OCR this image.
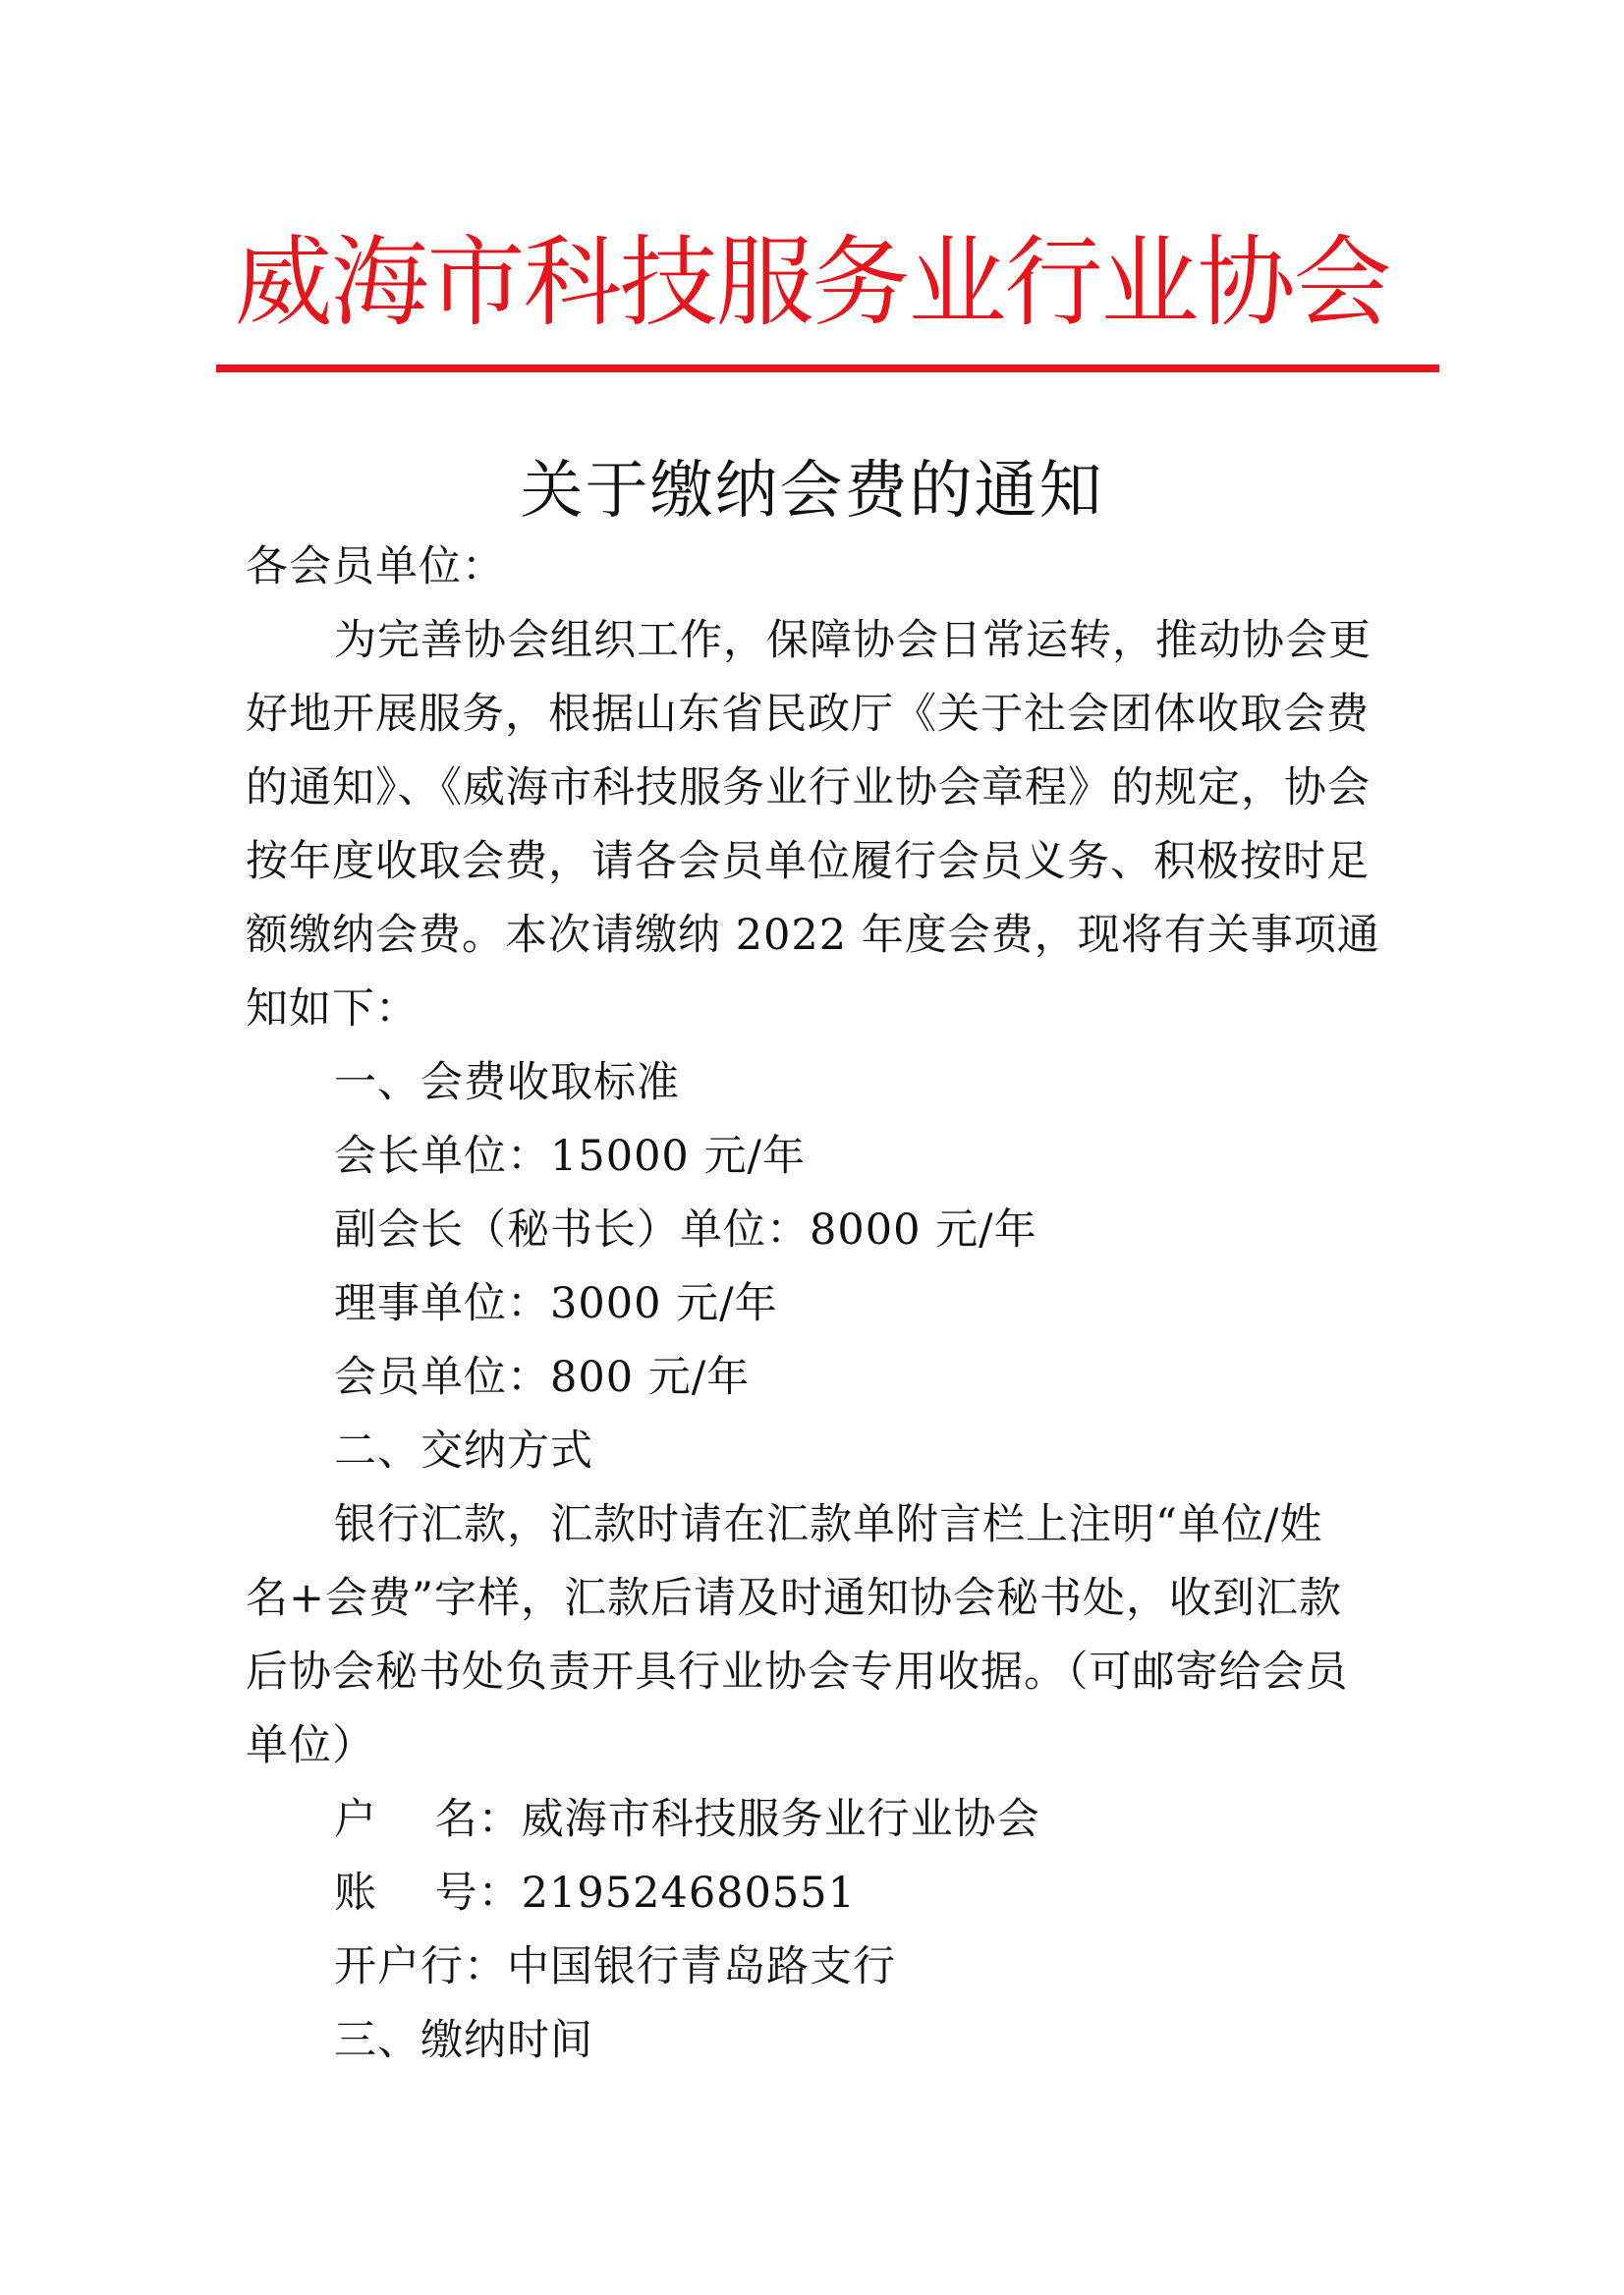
威海市科技服务业行业协会
关于缴纳会费的通知
各会员单位：
为完善协会组织工作，保障协会日常运转，推动协会更
好地开展服务，根据山东省民政厅《关于社会团体收取会费
的通知》、《威海市科技服务业行业协会章程》的规定，协会
按年度收取会费，请各会员单位履行会员义务、积极按时足
额缴纳会费。本次请缴纳 2022 年度会费，现将有关事项通
知如下：
一、会费收取标准
会长单位：15000 元/年
副会长（秘书长）单位：8000 元/年
理事单位：3000 元/年
会员单位：800 元/年
二、交纳方式
银行汇款，汇款时请在汇款单附言栏上注明“单位/姓
名+会费”字样，汇款后请及时通知协会秘书处，收到汇款
后协会秘书处负责开具行业协会专用收据。（可邮寄给会员
单位）
户    名：威海市科技服务业行业协会
账    号：219524680551
开户行：中国银行青岛路支行
三、缴纳时间
